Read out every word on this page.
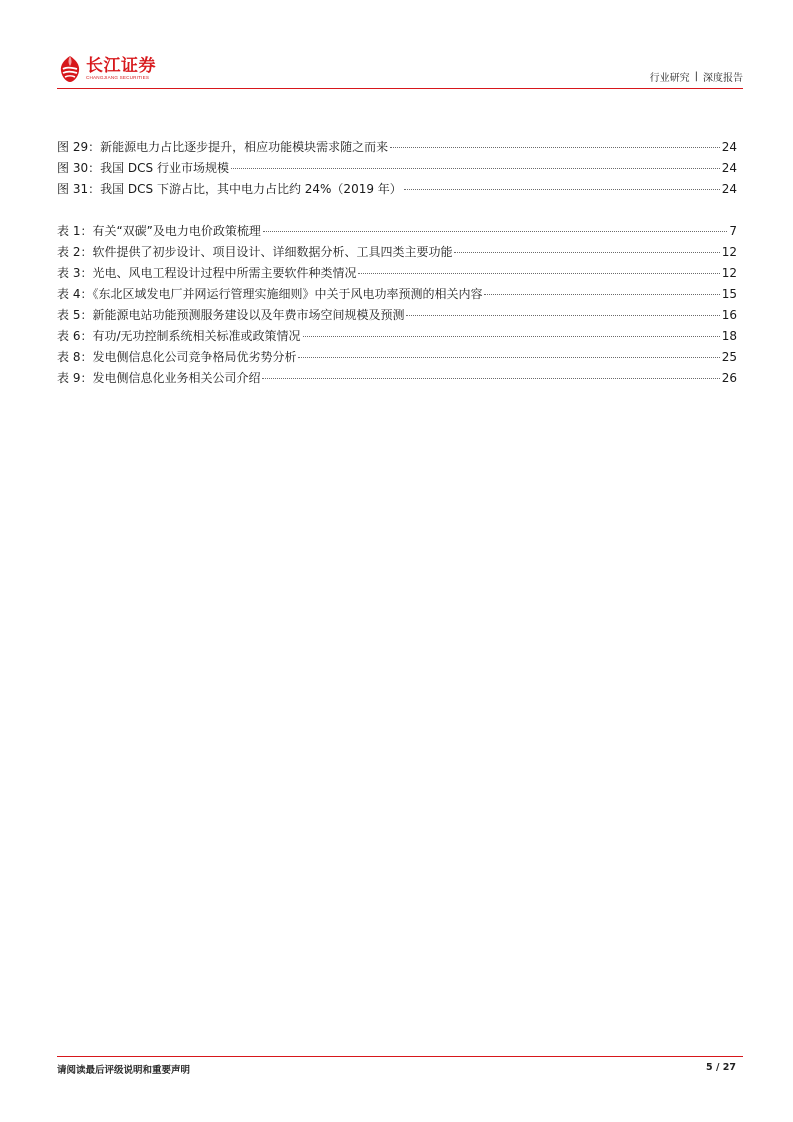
长江证券
CHANGJIANG SECURITIES	行业研究 | 深度报告
图 29：新能源电力占比逐步提升，相应功能模块需求随之而来	24
图 30：我国 DCS 行业市场规模	24
图 31：我国 DCS 下游占比，其中电力占比约 24%（2019 年）	24
表 1：有关“双碳”及电力电价政策梳理	7
表 2：软件提供了初步设计、项目设计、详细数据分析、工具四类主要功能	12
表 3：光电、风电工程设计过程中所需主要软件种类情况	12
表 4：《东北区域发电厂并网运行管理实施细则》中关于风电功率预测的相关内容	15
表 5：新能源电站功能预测服务建设以及年费市场空间规模及预测	16
表 6：有功/无功控制系统相关标准或政策情况	18
表 8：发电侧信息化公司竞争格局优劣势分析	25
表 9：发电侧信息化业务相关公司介绍	26
请阅读最后评级说明和重要声明	5 / 27
